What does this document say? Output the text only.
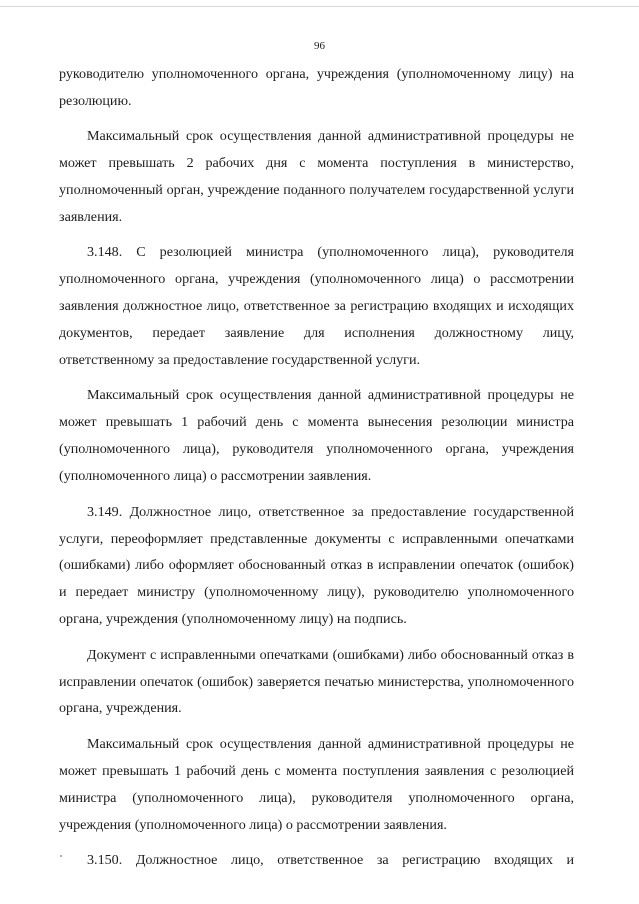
96

руководителю уполномоченного органа, учреждения (уполномоченному лицу) на резолюцию.

Максимальный срок осуществления данной административной процедуры не может превышать 2 рабочих дня с момента поступления в министерство, уполномоченный орган, учреждение поданного получателем государственной услуги заявления.

3.148. С резолюцией министра (уполномоченного лица), руководителя уполномоченного органа, учреждения (уполномоченного лица) о рассмотрении заявления должностное лицо, ответственное за регистрацию входящих и исходящих документов, передает заявление для исполнения должностному лицу, ответственному за предоставление государственной услуги.

Максимальный срок осуществления данной административной процедуры не может превышать 1 рабочий день с момента вынесения резолюции министра (уполномоченного лица), руководителя уполномоченного органа, учреждения (уполномоченного лица) о рассмотрении заявления.

3.149. Должностное лицо, ответственное за предоставление государственной услуги, переоформляет представленные документы с исправленными опечатками (ошибками) либо оформляет обоснованный отказ в исправлении опечаток (ошибок) и передает министру (уполномоченному лицу), руководителю уполномоченного органа, учреждения (уполномоченному лицу) на подпись.

Документ с исправленными опечатками (ошибками) либо обоснованный отказ в исправлении опечаток (ошибок) заверяется печатью министерства, уполномоченного органа, учреждения.

Максимальный срок осуществления данной административной процедуры не может превышать 1 рабочий день с момента поступления заявления с резолюцией министра (уполномоченного лица), руководителя уполномоченного органа, учреждения (уполномоченного лица) о рассмотрении заявления.

3.150. Должностное лицо, ответственное за регистрацию входящих и
